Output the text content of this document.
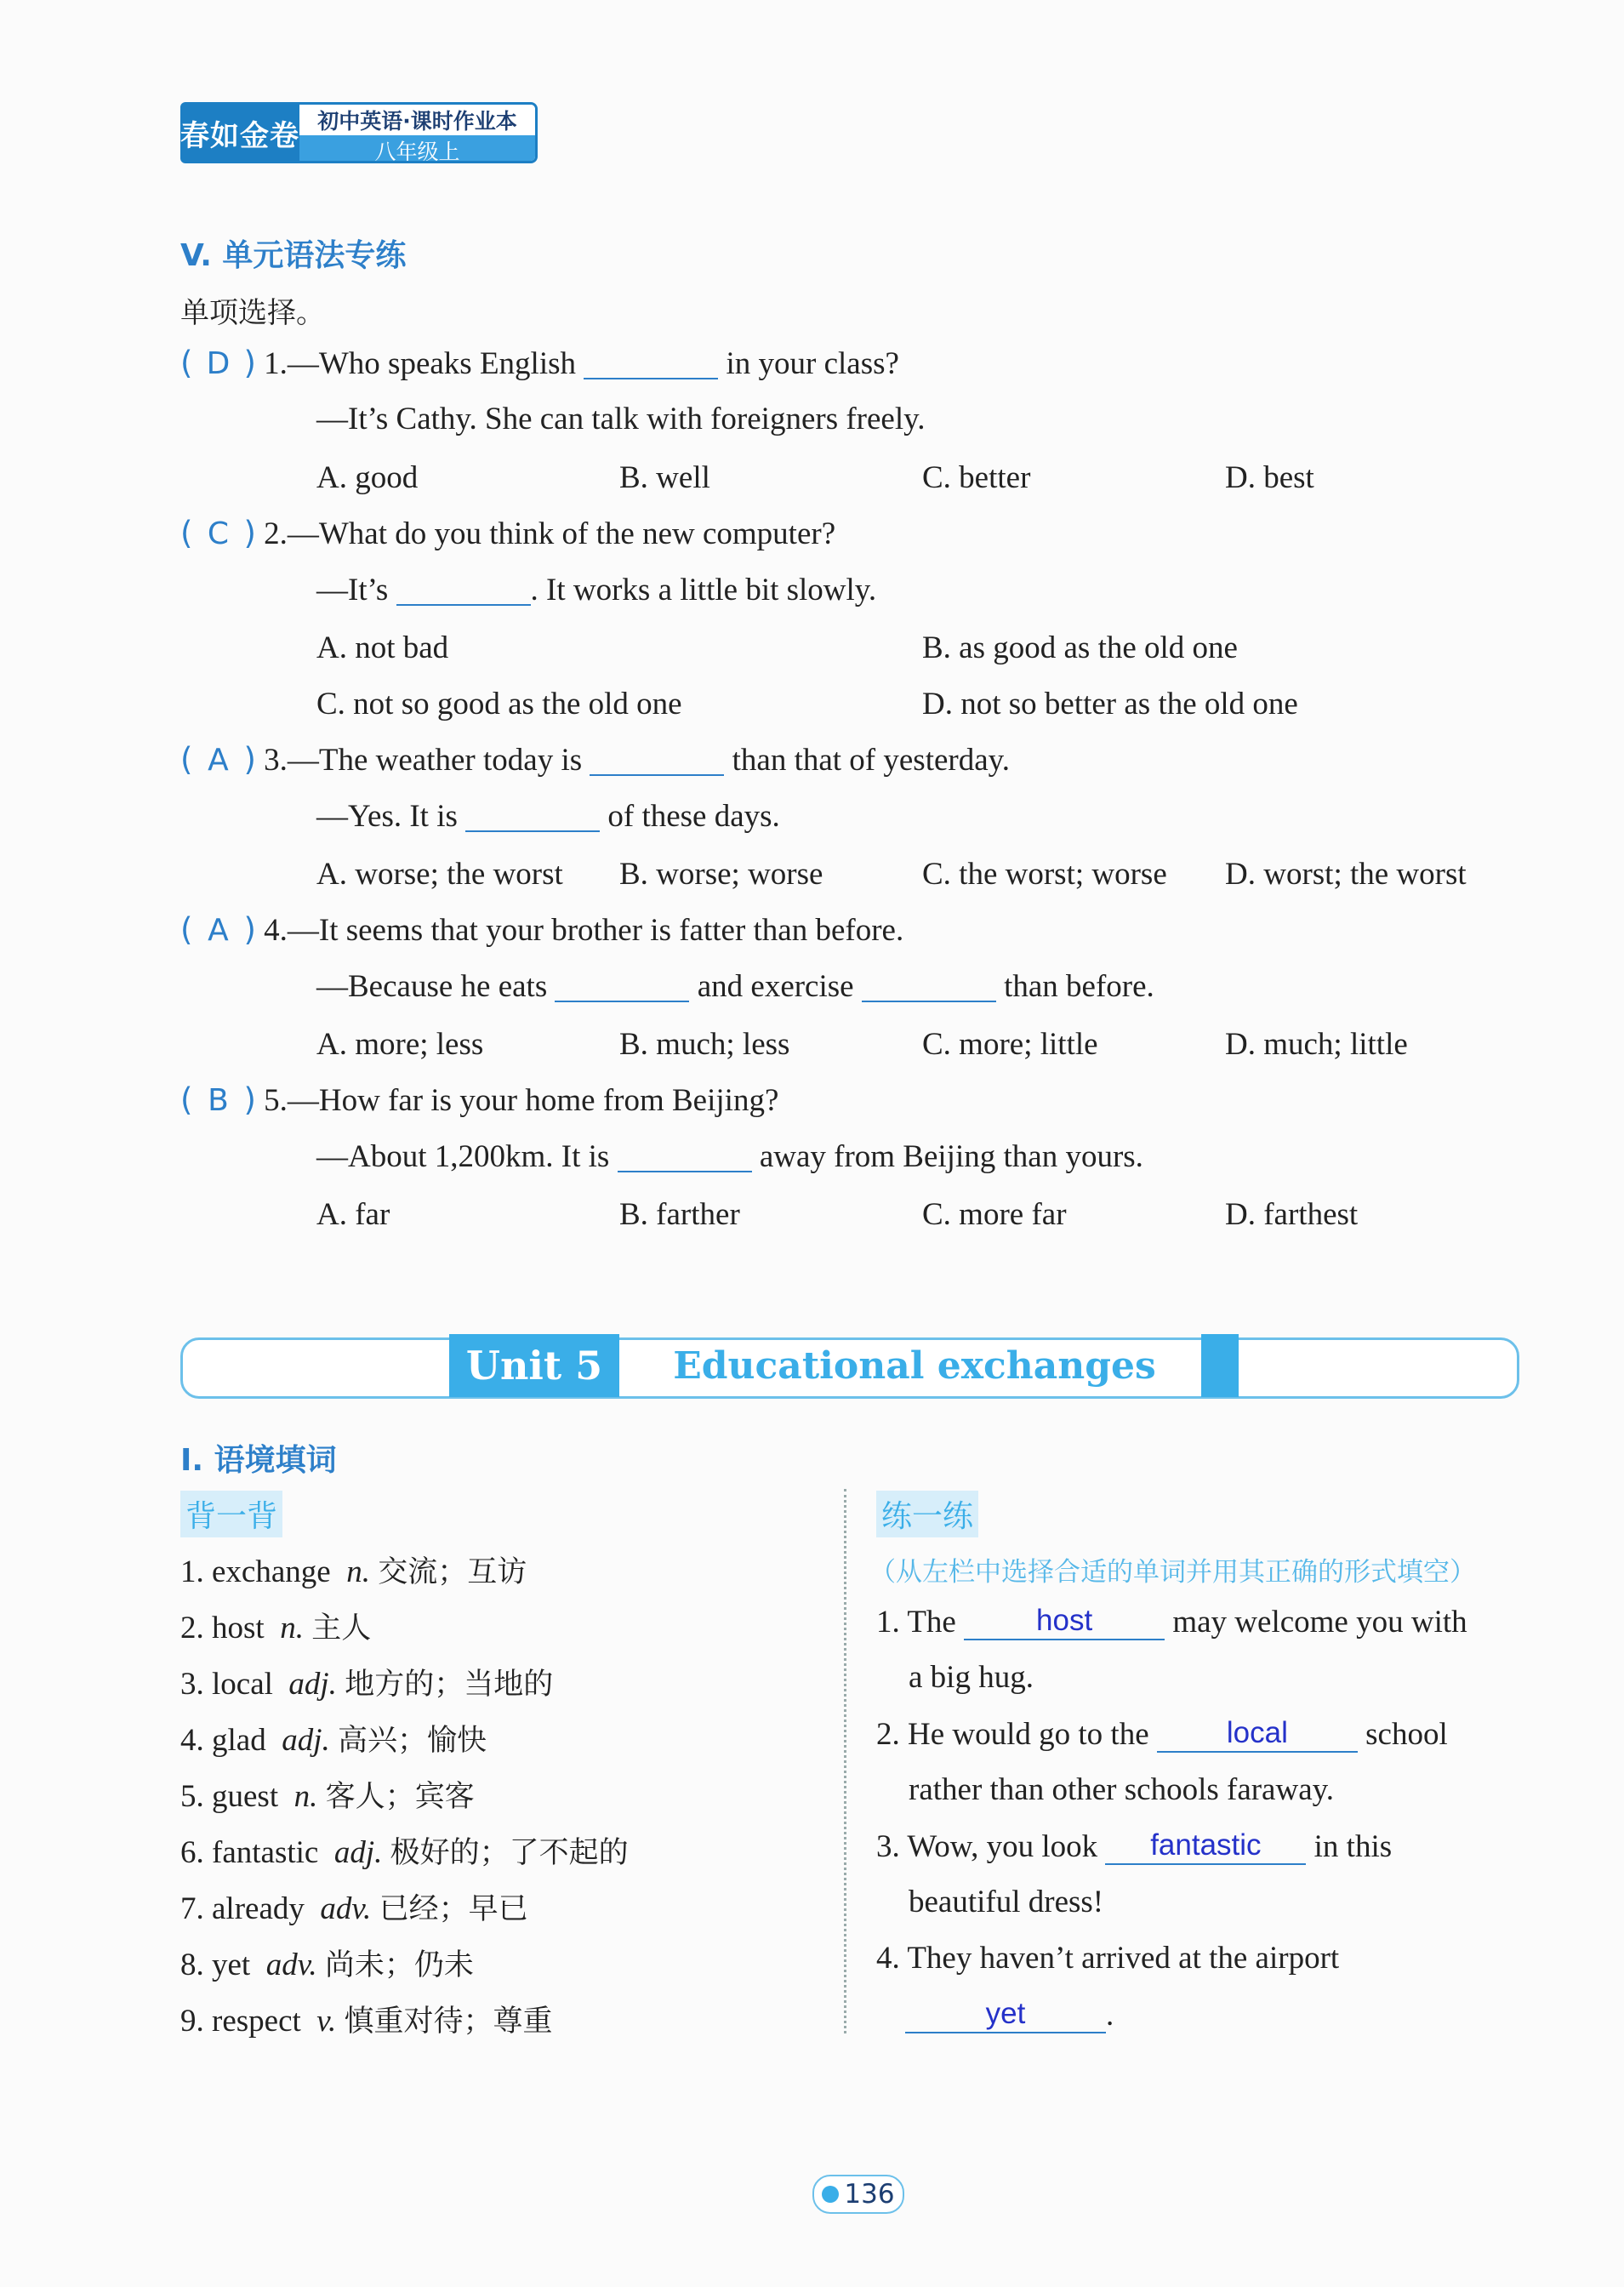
春如金卷 初中英语·课时作业本
八年级上
V. 单元语法专练
单项选择。
( D ) 1.—Who speaks English	in your class?
—It’s Cathy. She can talk with foreigners freely.
A. good	B. well	C. better	D. best
( C ) 2.—What do you think of the new computer?
—It’s	. It works a little bit slowly.
A. not bad	B. as good as the old one
C. not so good as the old one	D. not so better as the old one
( A ) 3.—The weather today is	than that of yesterday.
—Yes. It is	of these days.
A. worse; the worst B. worse; worse	C. the worst; worse D. worst; the worst
( A ) 4.—It seems that your brother is fatter than before.
—Because he eats	and exercise	than before.
A. more; less	B. much; less	C. more; little	D. much; little
( B ) 5.—How far is your home from Beijing?
—About 1,200km. It is	away from Beijing than yours.
A. far	B. farther	C. more far	D. farthest
Unit 5	Educational exchanges
I. 语境填词
背一背	练一练
（从左栏中选择合适的单词并用其正确的形式填空）
1. exchange n. 交流；互访
2. host n. 主人
3. local adj. 地方的；当地的
4. glad adj. 高兴；愉快
5. guest n. 客人；宾客
6. fantastic adj. 极好的；了不起的
7. already adv. 已经；早已
8. yet adv. 尚未；仍未
9. respect v. 慎重对待；尊重
1. The host may welcome you with
a big hug.
2. He would go to the local school
rather than other schools faraway.
3. Wow, you look fantastic in this
beautiful dress!
4. They haven’t arrived at the airport
yet	.
136
